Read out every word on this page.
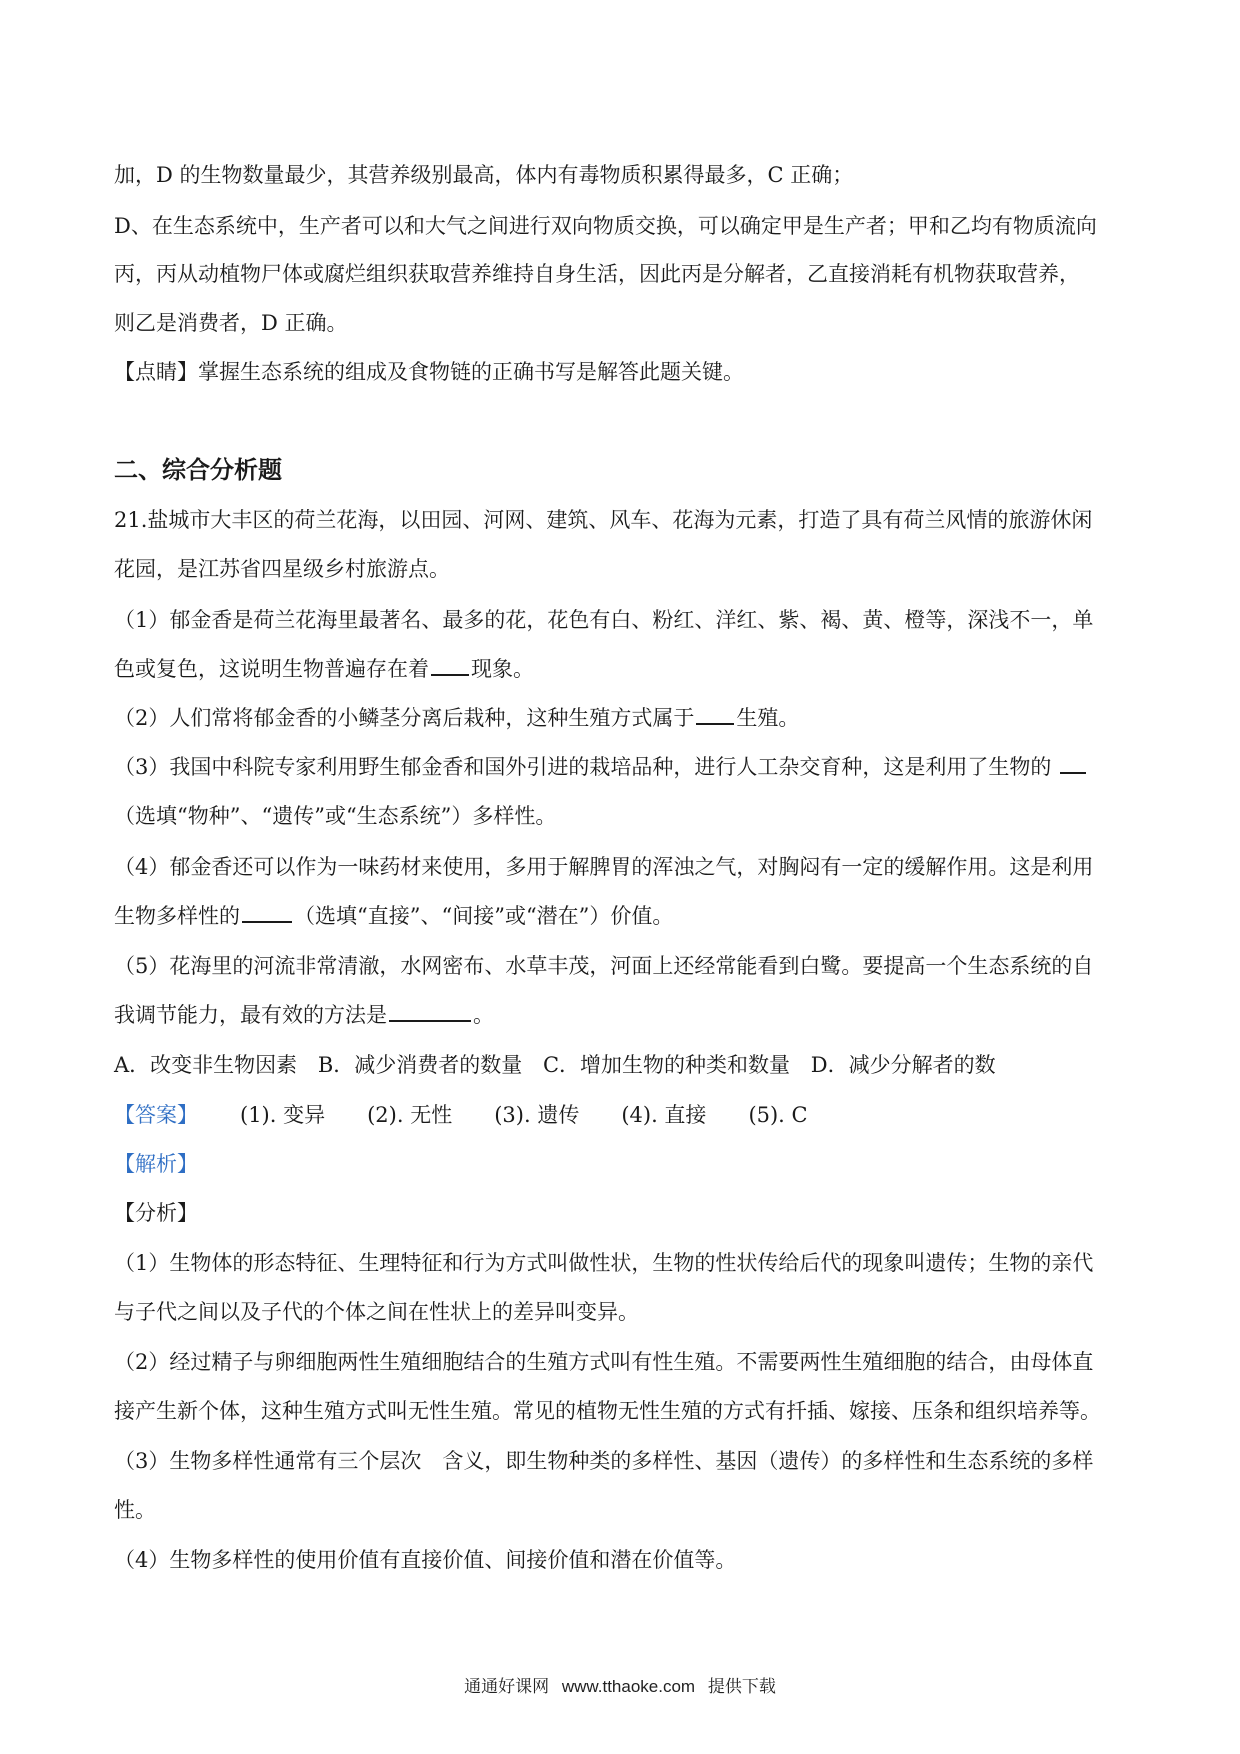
加，D 的生物数量最少，其营养级别最高，体内有毒物质积累得最多，C 正确；
D、在生态系统中，生产者可以和大气之间进行双向物质交换，可以确定甲是生产者；甲和乙均有物质流向
丙，丙从动植物尸体或腐烂组织获取营养维持自身生活，因此丙是分解者，乙直接消耗有机物获取营养，
则乙是消费者，D 正确。
【点睛】掌握生态系统的组成及食物链的正确书写是解答此题关键。
二、综合分析题
21.盐城市大丰区的荷兰花海，以田园、河网、建筑、风车、花海为元素，打造了具有荷兰风情的旅游休闲
花园，是江苏省四星级乡村旅游点。
（1）郁金香是荷兰花海里最著名、最多的花，花色有白、粉红、洋红、紫、褐、黄、橙等，深浅不一，单
色或复色，这说明生物普遍存在着 现象。
（2）人们常将郁金香的小鳞茎分离后栽种，这种生殖方式属于 生殖。
（3）我国中科院专家利用野生郁金香和国外引进的栽培品种，进行人工杂交育种，这是利用了生物的
（选填“物种”、“遗传”或“生态系统”）多样性。
（4）郁金香还可以作为一味药材来使用，多用于解脾胃的浑浊之气，对胸闷有一定的缓解作用。这是利用
生物多样性的	（选填“直接”、“间接”或“潜在”）价值。
（5）花海里的河流非常清澈，水网密布、水草丰茂，河面上还经常能看到白鹭。要提高一个生态系统的自
我调节能力，最有效的方法是	。
A．改变非生物因素 B．减少消费者的数量 C．增加生物的种类和数量 D．减少分解者的数
【答案】 (1). 变异 (2). 无性 (3). 遗传 (4). 直接 (5). C
【解析】
【分析】
（1）生物体的形态特征、生理特征和行为方式叫做性状，生物的性状传给后代的现象叫遗传；生物的亲代
与子代之间以及子代的个体之间在性状上的差异叫变异。
（2）经过精子与卵细胞两性生殖细胞结合的生殖方式叫有性生殖。不需要两性生殖细胞的结合，由母体直
接产生新个体，这种生殖方式叫无性生殖。常见的植物无性生殖的方式有扦插、嫁接、压条和组织培养等。
（3）生物多样性通常有三个层次　含义，即生物种类的多样性、基因（遗传）的多样性和生态系统的多样
性。
（4）生物多样性的使用价值有直接价值、间接价值和潜在价值等。
通通好课网 www.tthaoke.com 提供下载
